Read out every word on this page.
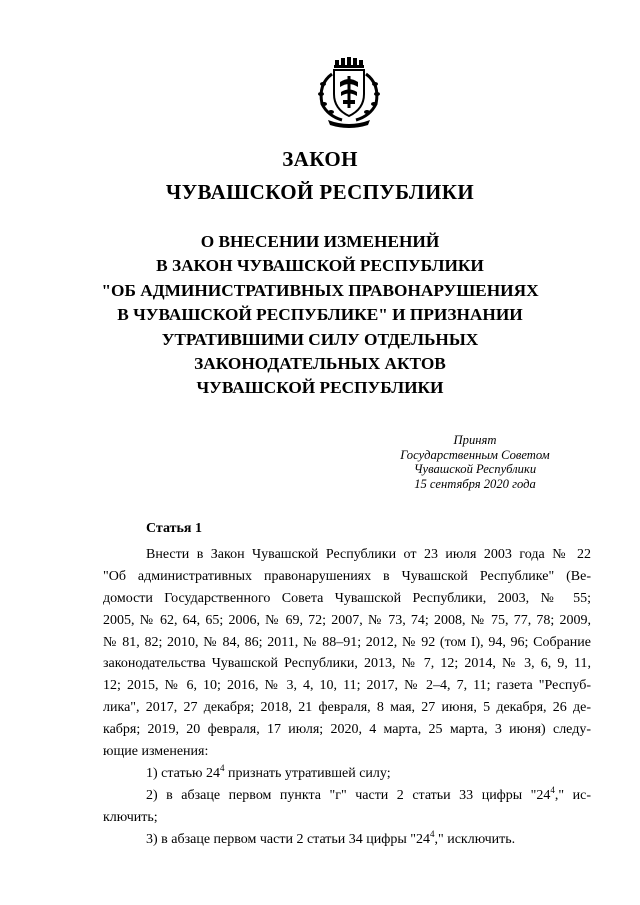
ЗАКОН
ЧУВАШСКОЙ РЕСПУБЛИКИ
О ВНЕСЕНИИ ИЗМЕНЕНИЙ
В ЗАКОН ЧУВАШСКОЙ РЕСПУБЛИКИ
"ОБ АДМИНИСТРАТИВНЫХ ПРАВОНАРУШЕНИЯХ
В ЧУВАШСКОЙ РЕСПУБЛИКЕ" И ПРИЗНАНИИ
УТРАТИВШИМИ СИЛУ ОТДЕЛЬНЫХ
ЗАКОНОДАТЕЛЬНЫХ АКТОВ
ЧУВАШСКОЙ РЕСПУБЛИКИ
Принят
Государственным Советом
Чувашской Республики
15 сентября 2020 года
Статья 1
Внести в Закон Чувашской Республики от 23 июля 2003 года № 22
"Об административных правонарушениях в Чувашской Республике" (Ве-
домости Государственного Совета Чувашской Республики, 2003, № 55;
2005, № 62, 64, 65; 2006, № 69, 72; 2007, № 73, 74; 2008, № 75, 77, 78; 2009,
№ 81, 82; 2010, № 84, 86; 2011, № 88–91; 2012, № 92 (том I), 94, 96; Собрание
законодательства Чувашской Республики, 2013, № 7, 12; 2014, № 3, 6, 9, 11,
12; 2015, № 6, 10; 2016, № 3, 4, 10, 11; 2017, № 2–4, 7, 11; газета "Респуб-
лика", 2017, 27 декабря; 2018, 21 февраля, 8 мая, 27 июня, 5 декабря, 26 де-
кабря; 2019, 20 февраля, 17 июля; 2020, 4 марта, 25 марта, 3 июня) следу-
ющие изменения:
1) статью $24^4$ признать утратившей силу;
2) в абзаце первом пункта "г" части 2 статьи 33 цифры "$24^4$," ис-
ключить;
3) в абзаце первом части 2 статьи 34 цифры "$24^4$," исключить.
